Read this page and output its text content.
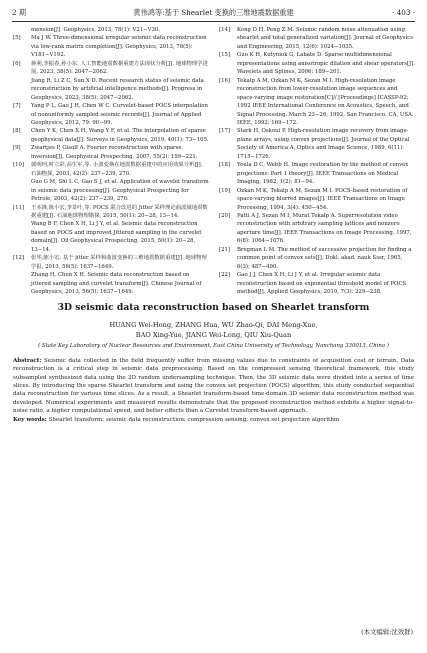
2 期	黄伟鸿等:基于 Shearlet 变换的三维地震数据重建	· 403 ·
mension[J]. Geophysics, 2013, 78(1): V21−V30.
[5] Ma J W. Three-dimensional irregular seismic data reconstruction via low-rank matrix completion[J]. Geophysics, 2013, 78(5): V181−V192.
[6] 蒋利,李振春,孙小东. 人工智能地震数据重建方法现状分析[J]. 地球物理学进展, 2023, 38(5): 2047−2062.
Jiang R, Li Z C, Sun X D. Recent research status of seismic data reconstruction by artificial intelligence methods[J]. Progress in Geophysics, 2023, 38(5): 2047−2062.
[7] Yang P L, Gao J H, Chen W C. Curvelet-based POCS interpolation of nonuniformly sampled seismic records[J]. Journal of Applied Geophysics, 2012, 79: 90−99.
[8] Chen Y K, Chen X H, Wang Y F, et al. The interpolation of sparse geophysical data[J]. Surveys in Geophysics, 2019, 40(1): 73−105.
[9] Zwartjes P, Gisolf A. Fourier reconstruction with sparse inversion[J]. Geophysical Prospecting, 2007, 55(2): 199−221.
[10] 郭明珂,时立彩,高生军,等. 小波变换在地震数据重建中的应用效果分析[J]. 石油物探, 2003, 42(2): 237−239, 270.
Guo G M, Shi L C, Gao S J, et al. Application of wavelet transform in seismic data processing[J]. Geophysical Prospecting for Petrole, 2003, 42(2): 237−239, 270.
[11] 王本锋,陈小宏,李景叶,等. POCS 联合改进的 Jitter 采样理论曲波域地震数据重建[J]. 石油地球物理勘探, 2015, 50(1): 20−28, 13−14.
Wang B F, Chen X H, Li J Y, et al. Seismic data reconstruction based on POCS and improved Jittered sampling in the curvelet domain[J]. Oil Geophysical Prospecting, 2015, 50(1): 20−28, 13−14.
[12] 张华,陈小宏. 基于 jitter 采样和曲波变换的三维地震数据重建[J]. 地球物理学报, 2013, 56(5): 1637−1649.
Zhang H, Chen X H. Seismic data reconstruction based on jittered sampling and curvelet transform[J]. Chinese Journal of Geophysics, 2013, 56(5): 1637−1649.
[14] Kong D H, Peng Z M. Seismic random noise attenuation using shearlet and total generalized variation[J]. Journal of Geophysics and Engineering, 2015, 12(6): 1024−1035.
[15] Guo K H, Kutyniok G, Labate D. Sparse multidimensional representations using anisotropic dilation and shear operators[J]. Wavelets and Splines, 2006; 189−201.
[16] Tekalp A M, Ozkan M K, Sezan M I. High-resolution image reconstruction from lower-resolution image sequences and space-varying image restoration[C]// [Proceedings] ICASSP-92; 1992 IEEE International Conference on Acoustics, Speech, and Signal Processing. March 23−26, 1992, San Francisco, CA, USA. IEEE, 1992: 169−172.
[17] Stark H, Oskoui P. High-resolution image recovery from image-plane arrays, using convex projections[J]. Journal of the Optical Society of America A, Optics and Image Science, 1989, 6(11): 1715−1726.
[18] Youla D C, Webb H. Image restoration by the method of convex projections: Part 1 theory[J]. IEEE Transactions on Medical Imaging, 1982, 1(2): 81−94.
[19] Ozkan M K, Tekalp A M, Sezan M I. POCS-based restoration of space-varying blurred images[J]. IEEE Transactions on Image Processing, 1994, 3(4): 450−454.
[20] Patti A J, Sezan M I, Murat Tekalp A. Superresolution video reconstruction with arbitrary sampling lattices and nonzero aperture time[J]. IEEE Transactions on Image Processing, 1997, 6(8): 1064−1076.
[21] Bregman L M. The method of successive projection for finding a common point of convex sets[J]. Dokl. akad. nauk Sssr, 1965, 6(3): 487−490.
[22] Gao J J, Chen X H, Li J Y, et al. Irregular seismic data reconstruction based on exponential threshold model of POCS method[J]. Applied Geophysics, 2010, 7(3): 229−238.
3D seismic data reconstruction based on Shearlet transform
HUANG Wei-Hong, ZHANG Hua, WU Zhao-Qi, DAI Meng-Xue,
BAO Xing-Yue, JIANG Wei-Long, QIU Xiu-Quan
( State Key Laboratory of Nuclear Resources and Environment, East China University of Technology, Nanchang 330013, China )
Abstract: Seismic data collected in the field frequently suffer from missing values due to constraints of acquisition cost or terrain. Data reconstruction is a critical step in seismic data preprocessing. Based on the compressed sensing theoretical framework, this study subsampled synthesized data using the 2D random undersampling technique. Then, the 3D seismic data were divided into a series of time slices. By introducing the sparse Shearlet transform and using the convex set projection (POCS) algorithm, this study conducted sequential data reconstruction for various time slices. As a result, a Shearlet transform-based time-domain 3D seismic data reconstruction method was developed. Numerical experiments and measured results demonstrate that the proposed reconstruction method exhibits a higher signal-to-noise ratio, a higher computational speed, and better effects than a Curvelet transform-based approach.
Key words: Shearlet transform; seismic data reconstruction; compression sensing; convex set projection algorithm
(本文编辑:沈效群)
